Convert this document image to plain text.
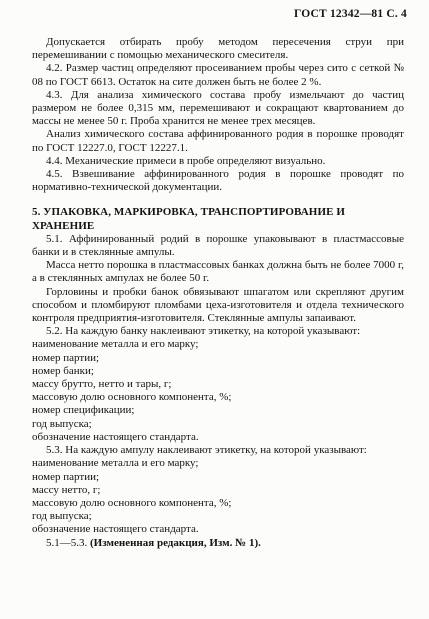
ГОСТ 12342—81 С. 4

Допускается отбирать пробу методом пересечения струи при перемешивании с помощью механического смесителя.

4.2. Размер частиц определяют просеиванием пробы через сито с сеткой № 08 по ГОСТ 6613. Остаток на сите должен быть не более 2 %.

4.3. Для анализа химического состава пробу измельчают до частиц размером не более 0,315 мм, перемешивают и сокращают квартованием до массы не менее 50 г. Проба хранится не менее трех месяцев.

Анализ химического состава аффинированного родия в порошке проводят по ГОСТ 12227.0, ГОСТ 12227.1.

4.4. Механические примеси в пробе определяют визуально.

4.5. Взвешивание аффинированного родия в порошке проводят по нормативно-технической документации.

5. УПАКОВКА, МАРКИРОВКА, ТРАНСПОРТИРОВАНИЕ И ХРАНЕНИЕ

5.1. Аффинированный родий в порошке упаковывают в пластмассовые банки и в стеклянные ампулы.

Масса нетто порошка в пластмассовых банках должна быть не более 7000 г, а в стеклянных ампулах не более 50 г.

Горловины и пробки банок обвязывают шпагатом или скрепляют другим способом и пломбируют пломбами цеха-изготовителя и отдела технического контроля предприятия-изготовителя. Стеклянные ампулы запаивают.

5.2. На каждую банку наклеивают этикетку, на которой указывают:

наименование металла и его марку;

номер партии;

номер банки;

массу брутто, нетто и тары, г;

массовую долю основного компонента, %;

номер спецификации;

год выпуска;

обозначение настоящего стандарта.

5.3. На каждую ампулу наклеивают этикетку, на которой указывают:

наименование металла и его марку;

номер партии;

массу нетто, г;

массовую долю основного компонента, %;

год выпуска;

обозначение настоящего стандарта.

5.1—5.3. (Измененная редакция, Изм. № 1).
